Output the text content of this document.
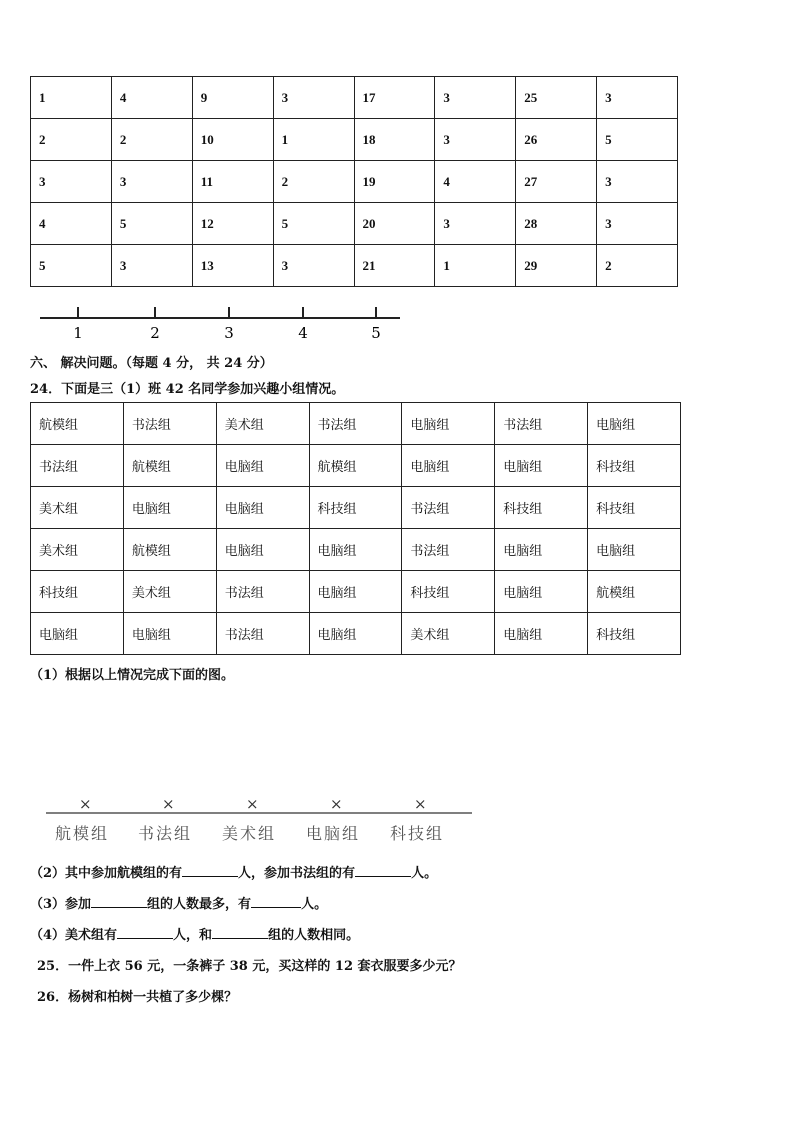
1	4	9	3	17	3	25	3
2	2	10	1	18	3	26	5
3	3	11	2	19	4	27	3
4	5	12	5	20	3	28	3
5	3	13	3	21	1	29	2
1	2	3	4	5
六、 解决问题。（每题 4 分， 共 24 分）
24．下面是三（1）班 42 名同学参加兴趣小组情况。
航模组	书法组	美术组	书法组	电脑组	书法组	电脑组
书法组	航模组	电脑组	航模组	电脑组	电脑组	科技组
美术组	电脑组	电脑组	科技组	书法组	科技组	科技组
美术组	航模组	电脑组	电脑组	书法组	电脑组	电脑组
科技组	美术组	书法组	电脑组	科技组	电脑组	航模组
电脑组	电脑组	书法组	电脑组	美术组	电脑组	科技组
（1）根据以上情况完成下面的图。
×
航模组
×
书法组
×
美术组
×
电脑组
×
科技组
（2）其中参加航模组的有	人，参加书法组的有	人。
（3）参加	组的人数最多，有	人。
（4）美术组有	人，和	组的人数相同。
25．一件上衣 56 元，一条裤子 38 元，买这样的 12 套衣服要多少元？
26．杨树和柏树一共植了多少棵？
